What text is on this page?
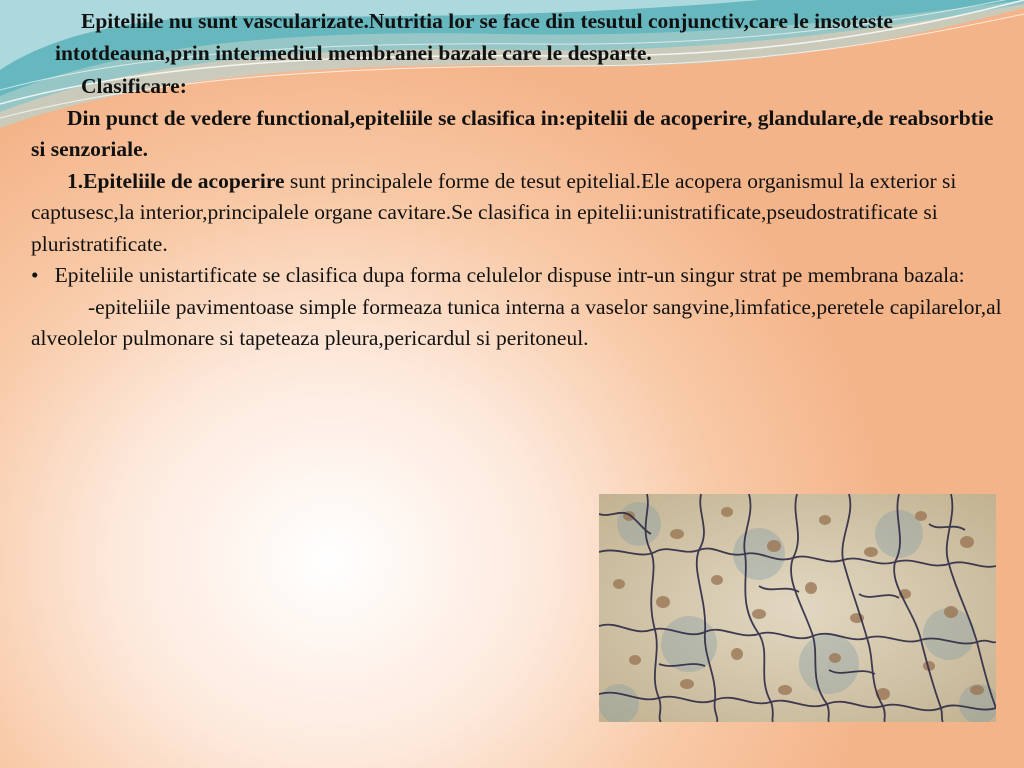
Epiteliile nu sunt vascularizate.Nutritia lor se face din tesutul conjunctiv,care le insoteste intotdeauna,prin intermediul membranei bazale care le desparte.

Clasificare:

Din punct de vedere functional,epiteliile se clasifica in:epitelii de acoperire, glandulare,de reabsorbtie si senzoriale.

1.Epiteliile de acoperire sunt principalele forme de tesut epitelial.Ele acopera organismul la exterior si captusesc,la interior,principalele organe cavitare.Se clasifica in epitelii:unistratificate,pseudostratificate si pluristratificate.

• Epiteliile unistartificate se clasifica dupa forma celulelor dispuse intr-un singur strat pe membrana bazala:

-epiteliile pavimentoase simple formeaza tunica interna a vaselor sangvine,limfatice,peretele capilarelor,al alveolelor pulmonare si tapeteaza pleura,pericardul si peritoneul.
